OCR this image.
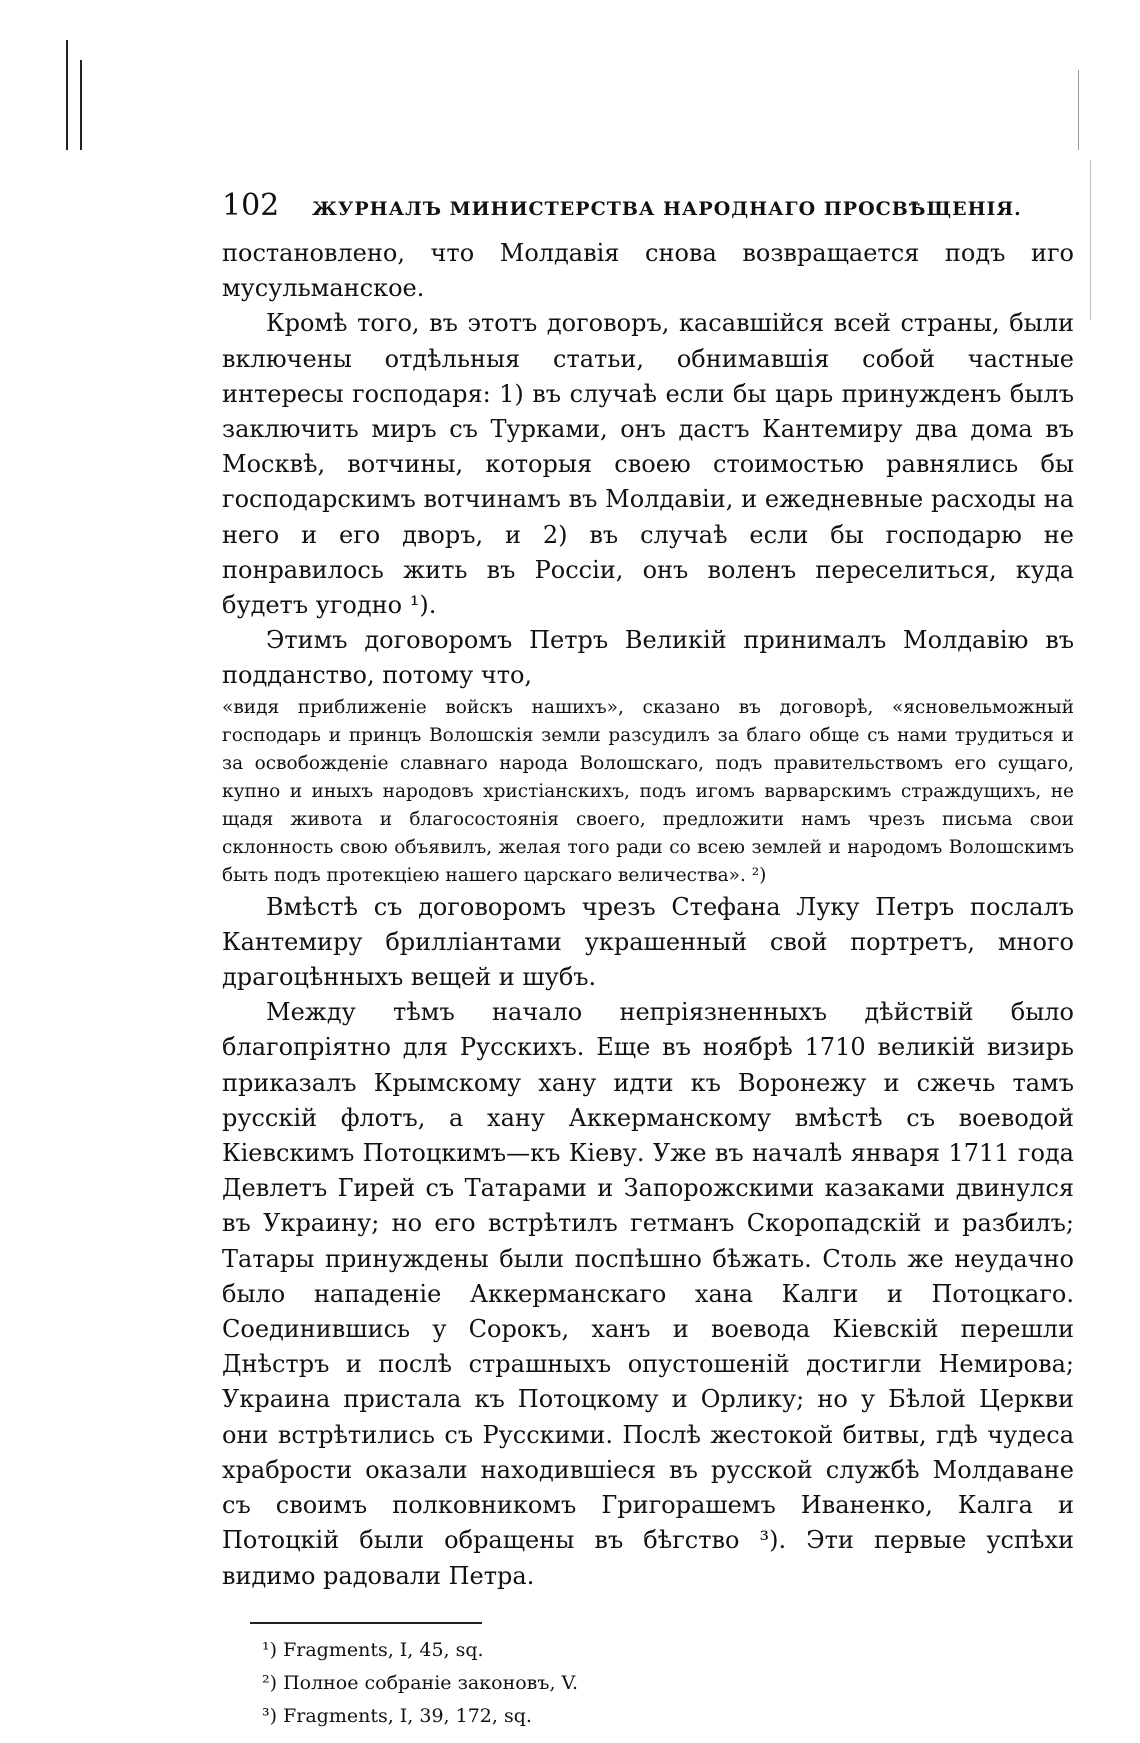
102	ЖУРНАЛЪ МИНИСТЕРСТВА НАРОДНАГО ПРОСВѢЩЕНІЯ.

постановлено, что Молдавія снова возвращается подъ иго мусульманское.

Кромѣ того, въ этотъ договоръ, касавшійся всей страны, были включены отдѣльныя статьи, обнимавшія собой частные интересы господаря: 1) въ случаѣ если бы царь принужденъ былъ заключить миръ съ Турками, онъ дастъ Кантемиру два дома въ Москвѣ, вотчины, которыя своею стоимостью равнялись бы господарскимъ вотчинамъ въ Молдавіи, и ежедневные расходы на него и его дворъ, и 2) въ случаѣ если бы господарю не понравилось жить въ Россіи, онъ воленъ переселиться, куда будетъ угодно ¹).

Этимъ договоромъ Петръ Великій принималъ Молдавію въ подданство, потому что,

«видя приближеніе войскъ нашихъ», сказано въ договорѣ, «ясновельможный господарь и принцъ Волошскія земли разсудилъ за благо обще съ нами трудиться и за освобожденіе славнаго народа Волошскаго, подъ правительствомъ его сущаго, купно и иныхъ народовъ христіанскихъ, подъ игомъ варварскимъ страждущихъ, не щадя живота и благосостоянія своего, предложити намъ чрезъ письма свои склонность свою объявилъ, желая того ради со всею землей и народомъ Волошскимъ быть подъ протекціею нашего царскаго величества». ²)

Вмѣстѣ съ договоромъ чрезъ Стефана Луку Петръ послалъ Кантемиру брилліантами украшенный свой портретъ, много драгоцѣнныхъ вещей и шубъ.

Между тѣмъ начало непріязненныхъ дѣйствій было благопріятно для Русскихъ. Еще въ ноябрѣ 1710 великій визирь приказалъ Крымскому хану идти къ Воронежу и сжечь тамъ русскій флотъ, а хану Аккерманскому вмѣстѣ съ воеводой Кіевскимъ Потоцкимъ—къ Кіеву. Уже въ началѣ января 1711 года Девлетъ Гирей съ Татарами и Запорожскими казаками двинулся въ Украину; но его встрѣтилъ гетманъ Скоропадскій и разбилъ; Татары принуждены были поспѣшно бѣжать. Столь же неудачно было нападеніе Аккерманскаго хана Калги и Потоцкаго. Соединившись у Сорокъ, ханъ и воевода Кіевскій перешли Днѣстръ и послѣ страшныхъ опустошеній достигли Немирова; Украина пристала къ Потоцкому и Орлику; но у Бѣлой Церкви они встрѣтились съ Русскими. Послѣ жестокой битвы, гдѣ чудеса храбрости оказали находившіеся въ русской службѣ Молдаване съ своимъ полковникомъ Григорашемъ Иваненко, Калга и Потоцкій были обращены въ бѣгство ³). Эти первые успѣхи видимо радовали Петра.

¹) Fragments, I, 45, sq.

²) Полное собраніе законовъ, V.

³) Fragments, I, 39, 172, sq.
